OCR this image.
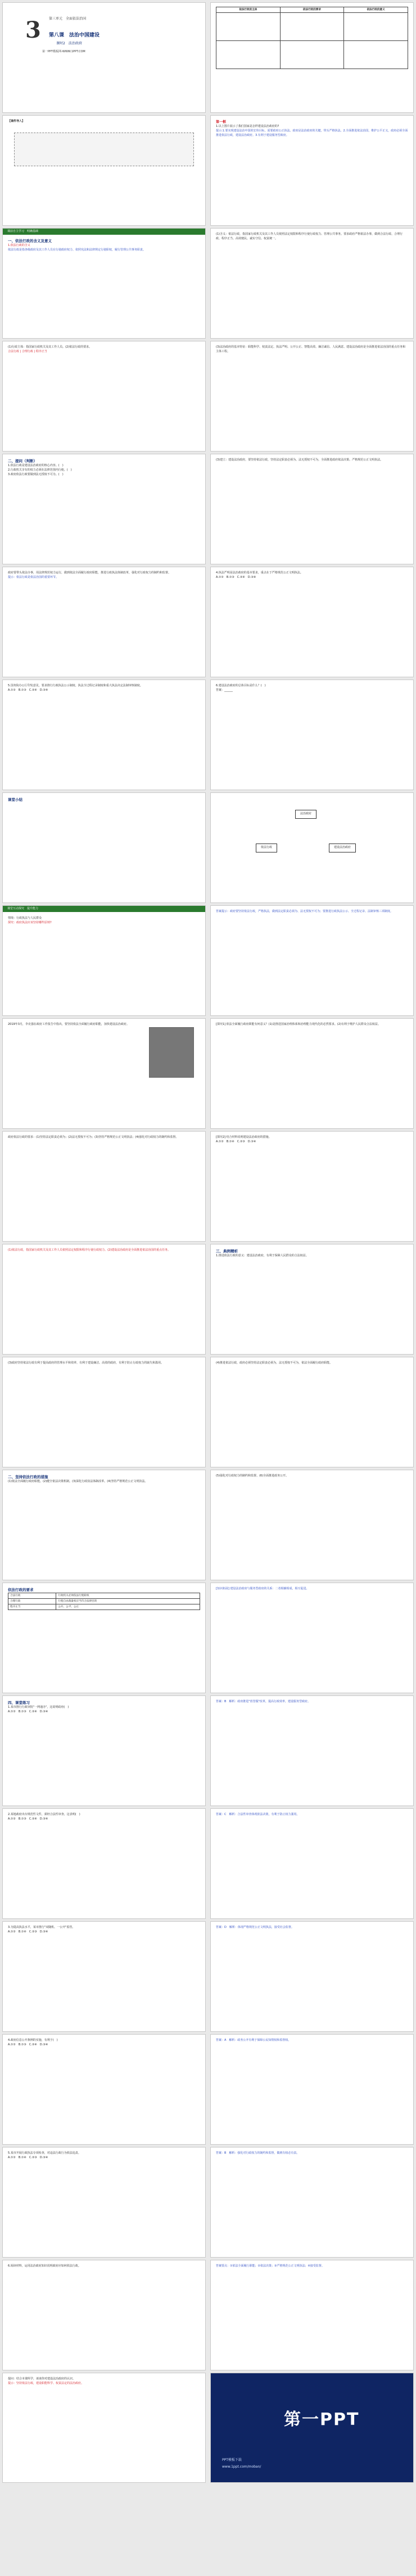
3 第三单元　全面依法治国
第八课　法治中国建设
课时2　法治政府
第一PPT模板网-WWW.1PPT.COM
依法行政的主体	依法行政的要求	依法行政的意义

【课件导入】	第一框
1.以上图片展示了我们国家是怎样建设法治政府的?
提示:1.要实现建设法治中国的宏伟目标，需要政府公正执法。政府是法治政府的关键，带头严格执法。2.全面推进依法治国，维护公平正义，政府必须全面推进依法行政，建设法治政府。3.有利于建设服务型政府。
课前自主学习　明确基础
一、依法行政的含义及意义
1.依法行政的含义
依法行政是指各级政府及其工作人员在行使政府权力、依照宪法和法律规定行使职权，履行管理公共事务职责。
(1)含义：依法行政，指国家行政机关及其工作人员依照法定权限和程序行使行政权力、管理公共事务。要求政府严格依法办事，做到合法行政、合理行政、程序正当、高效便民、诚实守信、权责统一。
(1)行政主体：指国家行政机关及其工作人员。(2)依法行政的要求。
合法行政 | 合理行政 | 程序正当
(3)法治政府的基本特征：职能科学、权责法定、执法严明、公开公正、智能高效、廉洁诚信、人民满意。建设法治政府是全面推进依法治国的重点任务和主体工程。
二、提问（判断）
1.依法行政是建设法治政府的核心内容。(　)
2.行政机关享有的权力必须在法律范围内行使。(　)
3.政府依法行政要做到法无授权不可为。(　)
(3)建立：建设法治政府，要坚持依法行政，坚持法定职责必须为、法无授权不可为，全面推进政府依法决策、严格规范公正文明执法。
政府要带头依法办事，用法律规范权力运行，做到依法全面履行政府职能，推进行政执法体制改革，强化对行政权力的制约和监督。
提示：依法行政是依法治国的重要环节。
4.执法严明是法治政府的基本要求，重点在于严格规范公正文明执法。
A.①②　B.①③　C.②④　D.③④
5.国务院办公厅印发意见，要求推行行政执法公示制度、执法全过程记录制度和重大执法决定法制审核制度。
A.①②　B.①③　C.②④　D.③④
6.建设法治政府的总体目标是什么？(　)
答案：______
课堂小结
法治政府
依法行政	建设法治政府
课堂互动探究　提升能力
情境：行政执法与人民群众
探究：政府执法应该坚持哪些原则?
答案提示：政府要坚持依法行政，严格执法，做到法定职责必须为、法无授权不可为；要推进行政执法公示、全过程记录、法制审核三项制度。
2019年3月，李克强在政府工作报告中指出，要坚持依法全面履行政府职能，加快建设法治政府。	[探究1] 依法全面履行政府职能有何意义？(1)是推进国家治理体系和治理能力现代化的必然要求。(2)有利于维护人民群众合法权益。
政府依法行政的要求：(1)坚持法定职责必须为；(2)法无授权不可为；(3)坚持严格规范公正文明执法；(4)强化对行政权力的制约和监督。	[探究2] 结合材料说明建设法治政府的措施。
A.①②　B.①④　C.②③　D.③④
(1)依法行政，指国家行政机关及其工作人员依照法定权限和程序行使行政权力。(2)建设法治政府是全面推进依法治国的重点任务。	三、典例精析
1.推进依法行政的意义：建设法治政府，有利于保障人民群众的合法权益。
(3)政府坚持依法行政有利于提高政府的管理水平和效率，有利于建设廉洁、高效的政府，有利于防止行政权力的缺失和滥用。	(4)推进依法行政，政府必须坚持法定职责必须为，法无授权不可为，依法全面履行政府职能。
二、坚持依法行政的措施
(1)依法全面履行政府职能。(2)健全依法决策机制。(3)深化行政执法体制改革。(4)坚持严格规范公正文明执法。
(5)强化对行政权力的制约和监督。(6)全面推进政务公开。
依法行政的要求
合法行政	行政机关必须依法行使职权
合理行政	行使自由裁量权应当符合法律目的
程序正当	公开、公平、公正
[知识拓展] 建设法治政府与服务型政府的关系：二者相辅相成，相互促进。
四、课堂练习
1.某市推行行政审批"一网通办"，这说明政府(　)
A.①②　B.①③　C.②④　D.③④
答案：B　解析：政府推进"放管服"改革，提高行政效率，建设服务型政府。
2.某地政府出台规范性文件，须经合法性审查。这表明(　)
A.①②　B.①③　C.②④　D.③④
答案：C　解析：合法性审查体现依法决策，有利于防止权力滥用。
3.为提高执法水平，某市推行"双随机、一公开"监管。
A.①②　B.①④　C.②③　D.③④
答案：D　解析：体现严格规范公正文明执法，接受社会监督。
4.政府信息公开条例的实施，有利于(　)
A.①②　B.①③　C.②④　D.③④
答案：A　解析：政务公开有利于保障公民知情权和监督权。
5.某市开展行政执法专项检查，对违法行政行为依法追责。
A.①②　B.①④　C.②③　D.③④
答案：B　解析：强化对行政权力的制约和监督，做到有权必有责。
6.阅读材料，运用法治政府知识说明政府应如何依法行政。	答案要点：①依法全面履行职能；②依法决策；③严格规范公正文明执法；④接受监督。
提问：结合本课所学，谈谈你对建设法治政府的认识。
提示：坚持依法行政，建设职能科学、权责法定的法治政府。
第一PPT
PPT模板下载
www.1ppt.com/moban/
